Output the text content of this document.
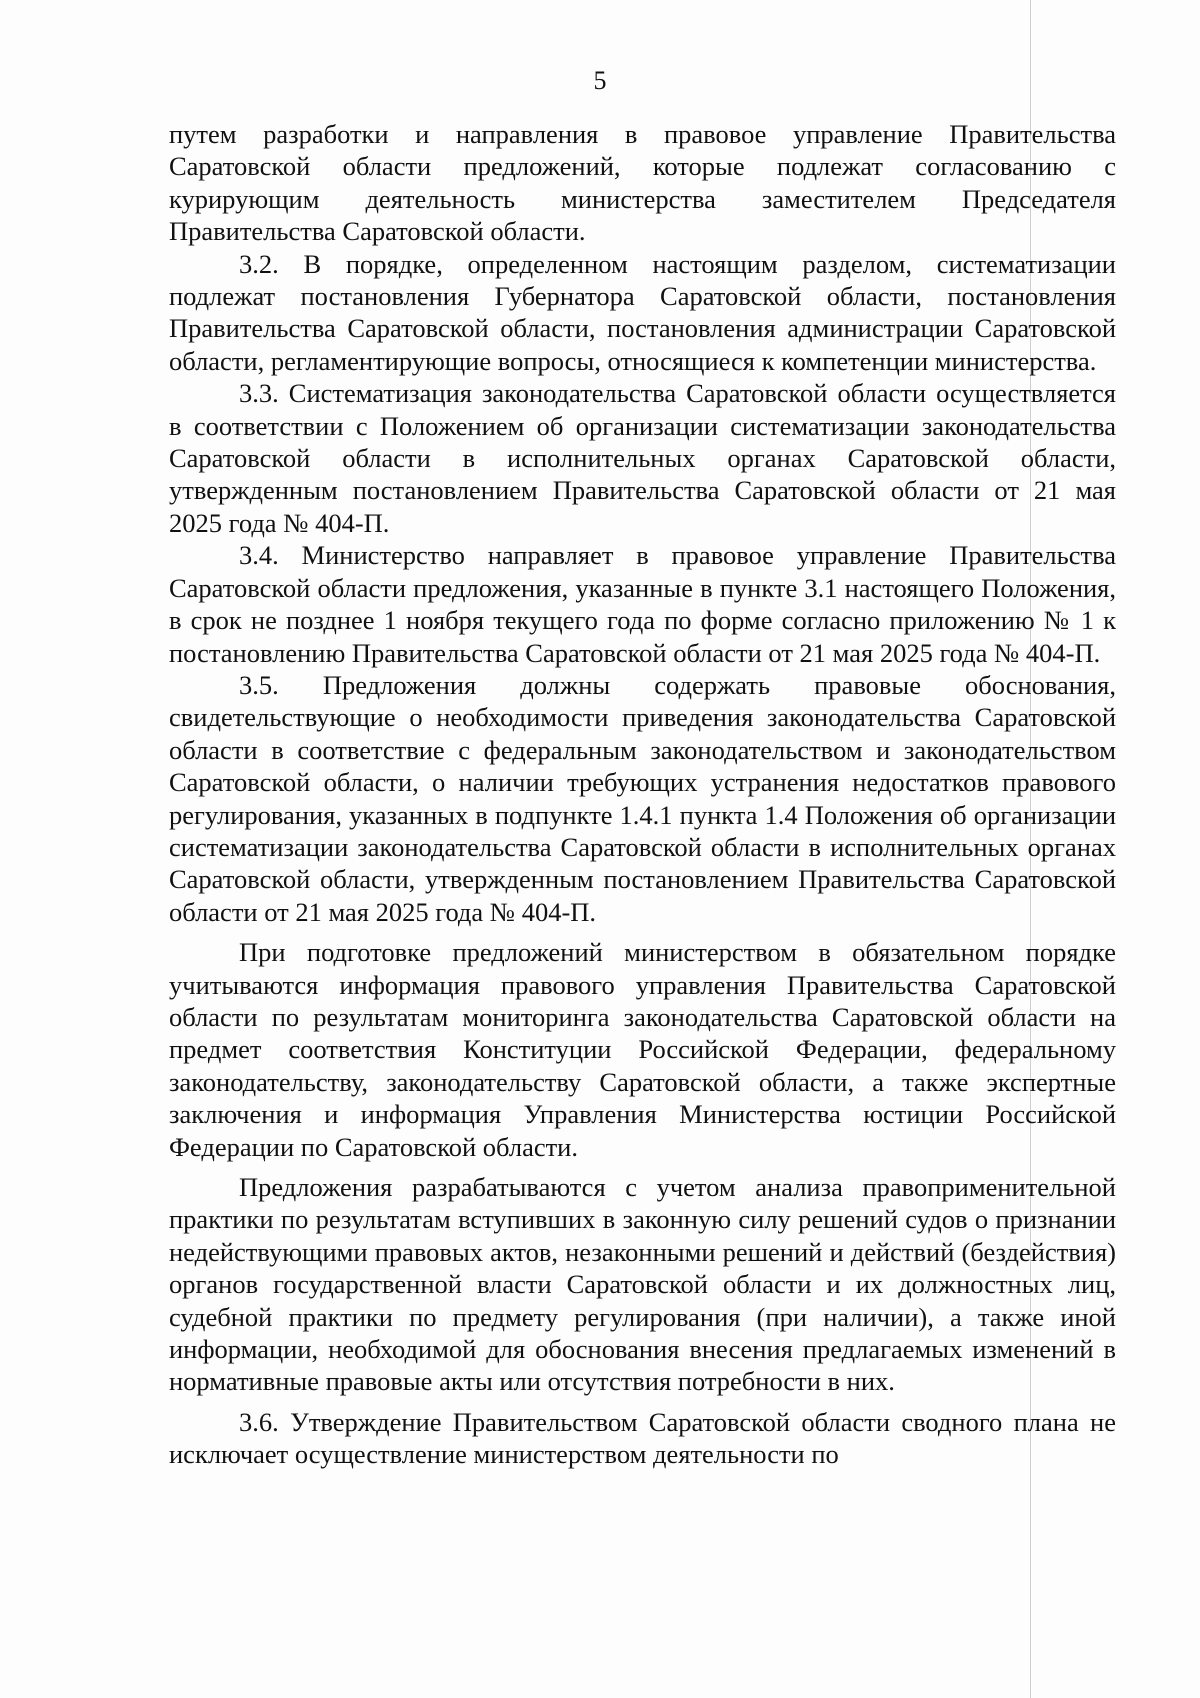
5

путем разработки и направления в правовое управление Правительства Саратовской области предложений, которые подлежат согласованию с курирующим деятельность министерства заместителем Председателя Правительства Саратовской области.

3.2. В порядке, определенном настоящим разделом, систематизации подлежат постановления Губернатора Саратовской области, постановления Правительства Саратовской области, постановления администрации Саратовской области, регламентирующие вопросы, относящиеся к компетенции министерства.

3.3. Систематизация законодательства Саратовской области осуществляется в соответствии с Положением об организации систематизации законодательства Саратовской области в исполнительных органах Саратовской области, утвержденным постановлением Правительства Саратовской области от 21 мая 2025 года № 404-П.

3.4. Министерство направляет в правовое управление Правительства Саратовской области предложения, указанные в пункте 3.1 настоящего Положения, в срок не позднее 1 ноября текущего года по форме согласно приложению № 1 к постановлению Правительства Саратовской области от 21 мая 2025 года № 404-П.

3.5. Предложения должны содержать правовые обоснования, свидетельствующие о необходимости приведения законодательства Саратовской области в соответствие с федеральным законодательством и законодательством Саратовской области, о наличии требующих устранения недостатков правового регулирования, указанных в подпункте 1.4.1 пункта 1.4 Положения об организации систематизации законодательства Саратовской области в исполнительных органах Саратовской области, утвержденным постановлением Правительства Саратовской области от 21 мая 2025 года № 404-П.

При подготовке предложений министерством в обязательном порядке учитываются информация правового управления Правительства Саратовской области по результатам мониторинга законодательства Саратовской области на предмет соответствия Конституции Российской Федерации, федеральному законодательству, законодательству Саратовской области, а также экспертные заключения и информация Управления Министерства юстиции Российской Федерации по Саратовской области.

Предложения разрабатываются с учетом анализа правоприменительной практики по результатам вступивших в законную силу решений судов о признании недействующими правовых актов, незаконными решений и действий (бездействия) органов государственной власти Саратовской области и их должностных лиц, судебной практики по предмету регулирования (при наличии), а также иной информации, необходимой для обоснования внесения предлагаемых изменений в нормативные правовые акты или отсутствия потребности в них.

3.6. Утверждение Правительством Саратовской области сводного плана не исключает осуществление министерством деятельности по
